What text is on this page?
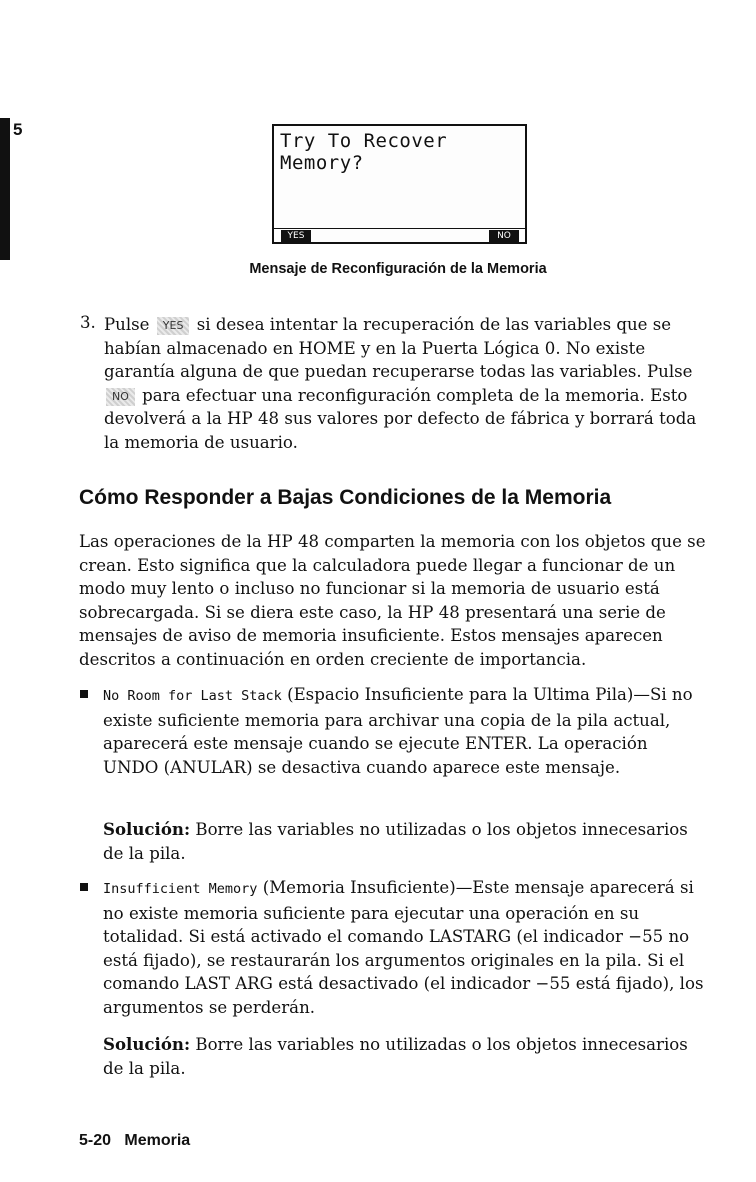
5
Try To Recover Memory?
YES	NO
Mensaje de Reconfiguración de la Memoria
3. Pulse YES si desea intentar la recuperación de las variables que se habían almacenado en HOME y en la Puerta Lógica 0. No existe garantía alguna de que puedan recuperarse todas las variables. Pulse NO para efectuar una reconfiguración completa de la memoria. Esto devolverá a la HP 48 sus valores por defecto de fábrica y borrará toda la memoria de usuario.
Cómo Responder a Bajas Condiciones de la Memoria
Las operaciones de la HP 48 comparten la memoria con los objetos que se crean. Esto significa que la calculadora puede llegar a funcionar de un modo muy lento o incluso no funcionar si la memoria de usuario está sobrecargada. Si se diera este caso, la HP 48 presentará una serie de mensajes de aviso de memoria insuficiente. Estos mensajes aparecen descritos a continuación en orden creciente de importancia.
No Room for Last Stack (Espacio Insuficiente para la Ultima Pila)—Si no existe suficiente memoria para archivar una copia de la pila actual, aparecerá este mensaje cuando se ejecute ENTER. La operación UNDO (ANULAR) se desactiva cuando aparece este mensaje.
Solución: Borre las variables no utilizadas o los objetos innecesarios de la pila.
Insufficient Memory (Memoria Insuficiente)—Este mensaje aparecerá si no existe memoria suficiente para ejecutar una operación en su totalidad. Si está activado el comando LASTARG (el indicador −55 no está fijado), se restaurarán los argumentos originales en la pila. Si el comando LAST ARG está desactivado (el indicador −55 está fijado), los argumentos se perderán.
Solución: Borre las variables no utilizadas o los objetos innecesarios de la pila.
5-20 Memoria
